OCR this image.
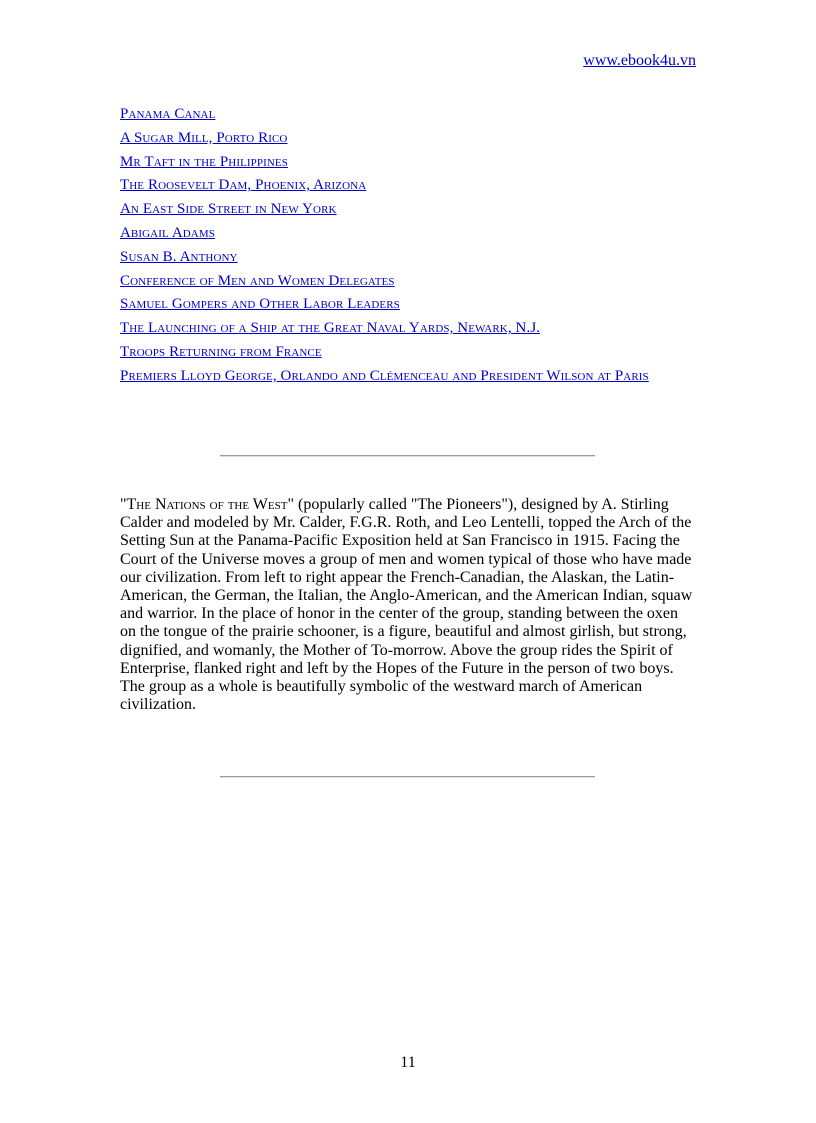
www.ebook4u.vn
Panama Canal
A Sugar Mill, Porto Rico
Mr Taft in the Philippines
The Roosevelt Dam, Phoenix, Arizona
An East Side Street in New York
Abigail Adams
Susan B. Anthony
Conference of Men and Women Delegates
Samuel Gompers and Other Labor Leaders
The Launching of a Ship at the Great Naval Yards, Newark, N.J.
Troops Returning from France
Premiers Lloyd George, Orlando and Clémenceau and President Wilson at Paris

"The Nations of the West" (popularly called "The Pioneers"), designed by A. Stirling Calder and modeled by Mr. Calder, F.G.R. Roth, and Leo Lentelli, topped the Arch of the Setting Sun at the Panama-Pacific Exposition held at San Francisco in 1915. Facing the Court of the Universe moves a group of men and women typical of those who have made our civilization. From left to right appear the French-Canadian, the Alaskan, the Latin-American, the German, the Italian, the Anglo-American, and the American Indian, squaw and warrior. In the place of honor in the center of the group, standing between the oxen on the tongue of the prairie schooner, is a figure, beautiful and almost girlish, but strong, dignified, and womanly, the Mother of To-morrow. Above the group rides the Spirit of Enterprise, flanked right and left by the Hopes of the Future in the person of two boys. The group as a whole is beautifully symbolic of the westward march of American civilization.

11
